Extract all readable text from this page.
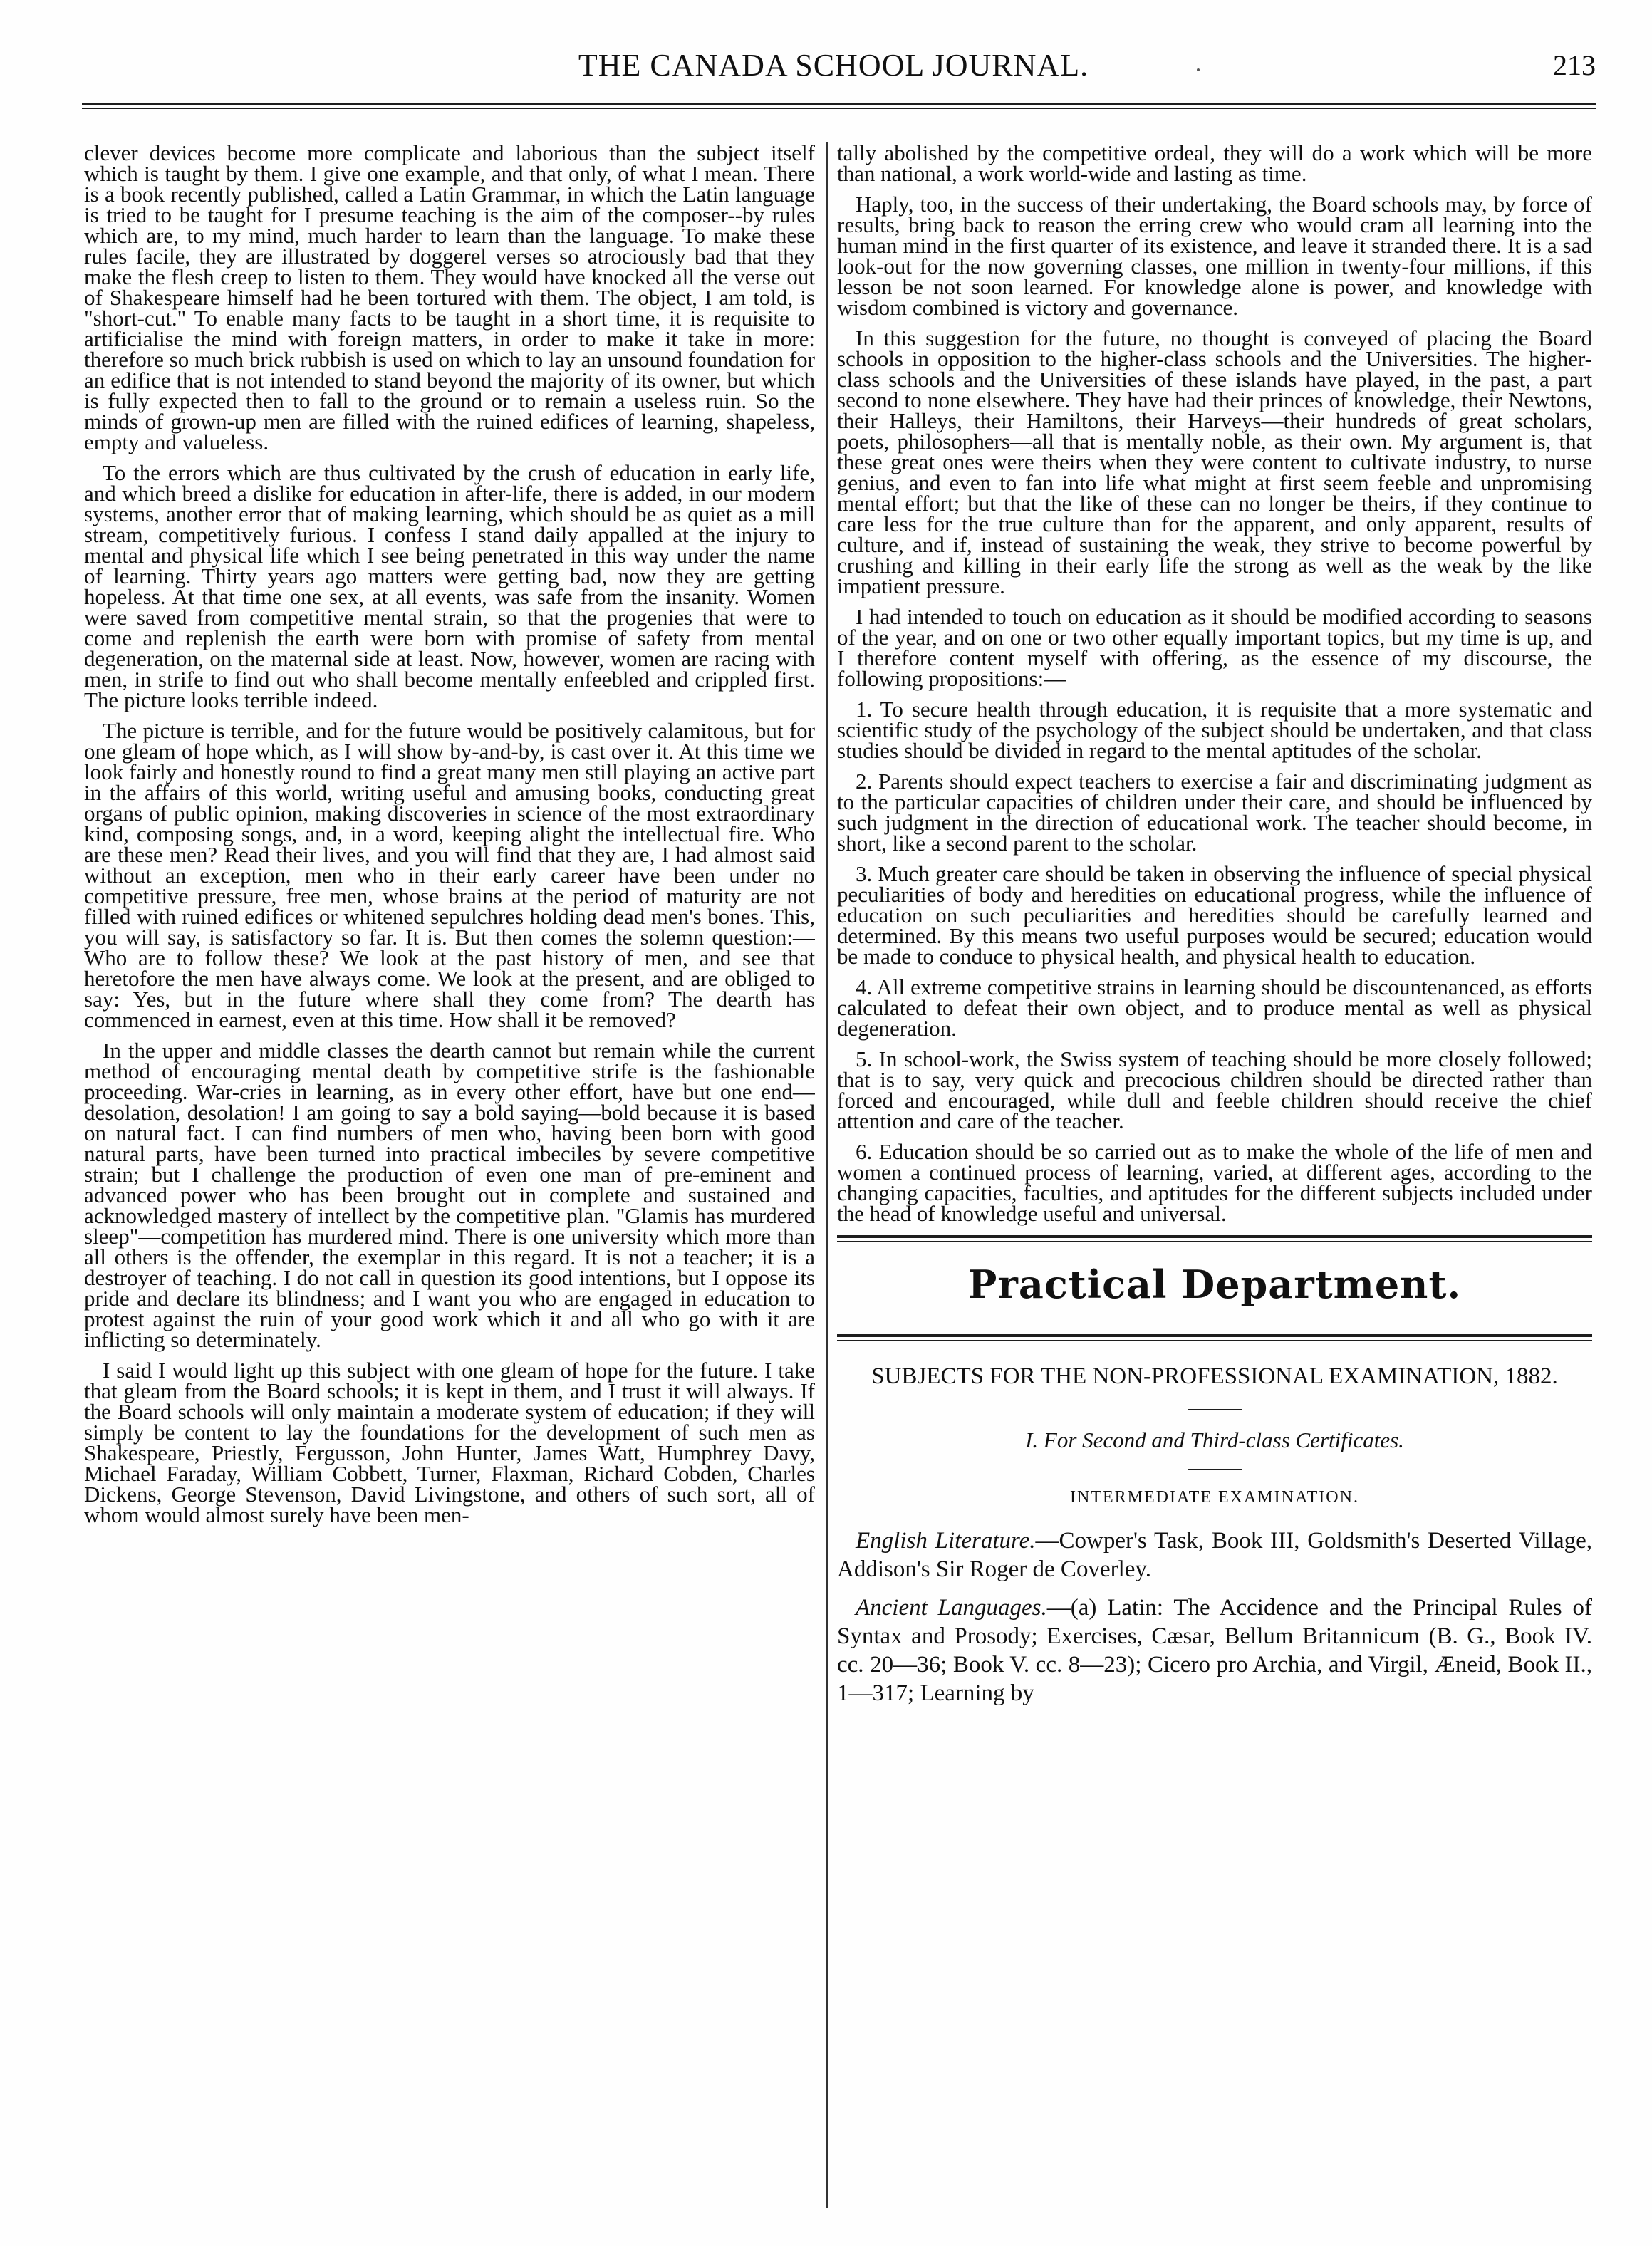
THE CANADA SCHOOL JOURNAL.	213

clever devices become more complicate and laborious than the subject itself which is taught by them. I give one example, and that only, of what I mean. There is a book recently published, called a Latin Grammar, in which the Latin language is tried to be taught for I presume teaching is the aim of the composer--by rules which are, to my mind, much harder to learn than the language. To make these rules facile, they are illustrated by doggerel verses so atrociously bad that they make the flesh creep to listen to them. They would have knocked all the verse out of Shakespeare himself had he been tortured with them. The object, I am told, is "short-cut." To enable many facts to be taught in a short time, it is requisite to artificialise the mind with foreign matters, in order to make it take in more: therefore so much brick rubbish is used on which to lay an unsound foundation for an edifice that is not intended to stand beyond the majority of its owner, but which is fully expected then to fall to the ground or to remain a useless ruin. So the minds of grown-up men are filled with the ruined edifices of learning, shapeless, empty and valueless.

To the errors which are thus cultivated by the crush of education in early life, and which breed a dislike for education in after-life, there is added, in our modern systems, another error that of making learning, which should be as quiet as a mill stream, competitively furious. I confess I stand daily appalled at the injury to mental and physical life which I see being penetrated in this way under the name of learning. Thirty years ago matters were getting bad, now they are getting hopeless. At that time one sex, at all events, was safe from the insanity. Women were saved from competitive mental strain, so that the progenies that were to come and replenish the earth were born with promise of safety from mental degeneration, on the maternal side at least. Now, however, women are racing with men, in strife to find out who shall become mentally enfeebled and crippled first. The picture looks terrible indeed.

The picture is terrible, and for the future would be positively calamitous, but for one gleam of hope which, as I will show by-and-by, is cast over it. At this time we look fairly and honestly round to find a great many men still playing an active part in the affairs of this world, writing useful and amusing books, conducting great organs of public opinion, making discoveries in science of the most extraordinary kind, composing songs, and, in a word, keeping alight the intellectual fire. Who are these men? Read their lives, and you will find that they are, I had almost said without an exception, men who in their early career have been under no competitive pressure, free men, whose brains at the period of maturity are not filled with ruined edifices or whitened sepulchres holding dead men's bones. This, you will say, is satisfactory so far. It is. But then comes the solemn question:—Who are to follow these? We look at the past history of men, and see that heretofore the men have always come. We look at the present, and are obliged to say: Yes, but in the future where shall they come from? The dearth has commenced in earnest, even at this time. How shall it be removed?

In the upper and middle classes the dearth cannot but remain while the current method of encouraging mental death by competitive strife is the fashionable proceeding. War-cries in learning, as in every other effort, have but one end—desolation, desolation! I am going to say a bold saying—bold because it is based on natural fact. I can find numbers of men who, having been born with good natural parts, have been turned into practical imbeciles by severe competitive strain; but I challenge the production of even one man of pre-eminent and advanced power who has been brought out in complete and sustained and acknowledged mastery of intellect by the competitive plan. "Glamis has murdered sleep"—competition has murdered mind. There is one university which more than all others is the offender, the exemplar in this regard. It is not a teacher; it is a destroyer of teaching. I do not call in question its good intentions, but I oppose its pride and declare its blindness; and I want you who are engaged in education to protest against the ruin of your good work which it and all who go with it are inflicting so determinately.

I said I would light up this subject with one gleam of hope for the future. I take that gleam from the Board schools; it is kept in them, and I trust it will always. If the Board schools will only maintain a moderate system of education; if they will simply be content to lay the foundations for the development of such men as Shakespeare, Priestly, Fergusson, John Hunter, James Watt, Humphrey Davy, Michael Faraday, William Cobbett, Turner, Flaxman, Richard Cobden, Charles Dickens, George Stevenson, David Livingstone, and others of such sort, all of whom would almost surely have been men-

tally abolished by the competitive ordeal, they will do a work which will be more than national, a work world-wide and lasting as time.

Haply, too, in the success of their undertaking, the Board schools may, by force of results, bring back to reason the erring crew who would cram all learning into the human mind in the first quarter of its existence, and leave it stranded there. It is a sad look-out for the now governing classes, one million in twenty-four millions, if this lesson be not soon learned. For knowledge alone is power, and knowledge with wisdom combined is victory and governance.

In this suggestion for the future, no thought is conveyed of placing the Board schools in opposition to the higher-class schools and the Universities. The higher-class schools and the Universities of these islands have played, in the past, a part second to none elsewhere. They have had their princes of knowledge, their Newtons, their Halleys, their Hamiltons, their Harveys—their hundreds of great scholars, poets, philosophers—all that is mentally noble, as their own. My argument is, that these great ones were theirs when they were content to cultivate industry, to nurse genius, and even to fan into life what might at first seem feeble and unpromising mental effort; but that the like of these can no longer be theirs, if they continue to care less for the true culture than for the apparent, and only apparent, results of culture, and if, instead of sustaining the weak, they strive to become powerful by crushing and killing in their early life the strong as well as the weak by the like impatient pressure.

I had intended to touch on education as it should be modified according to seasons of the year, and on one or two other equally important topics, but my time is up, and I therefore content myself with offering, as the essence of my discourse, the following propositions:—

1. To secure health through education, it is requisite that a more systematic and scientific study of the psychology of the subject should be undertaken, and that class studies should be divided in regard to the mental aptitudes of the scholar.

2. Parents should expect teachers to exercise a fair and discriminating judgment as to the particular capacities of children under their care, and should be influenced by such judgment in the direction of educational work. The teacher should become, in short, like a second parent to the scholar.

3. Much greater care should be taken in observing the influence of special physical peculiarities of body and heredities on educational progress, while the influence of education on such peculiarities and heredities should be carefully learned and determined. By this means two useful purposes would be secured; education would be made to conduce to physical health, and physical health to education.

4. All extreme competitive strains in learning should be discountenanced, as efforts calculated to defeat their own object, and to produce mental as well as physical degeneration.

5. In school-work, the Swiss system of teaching should be more closely followed; that is to say, very quick and precocious children should be directed rather than forced and encouraged, while dull and feeble children should receive the chief attention and care of the teacher.

6. Education should be so carried out as to make the whole of the life of men and women a continued process of learning, varied, at different ages, according to the changing capacities, faculties, and aptitudes for the different subjects included under the head of knowledge useful and universal.

Practical Department.
SUBJECTS FOR THE NON-PROFESSIONAL EXAMINATION, 1882.
I. For Second and Third-class Certificates.
INTERMEDIATE EXAMINATION.

English Literature.—Cowper's Task, Book III, Goldsmith's Deserted Village, Addison's Sir Roger de Coverley.

Ancient Languages.—(a) Latin: The Accidence and the Principal Rules of Syntax and Prosody; Exercises, Cæsar, Bellum Britannicum (B. G., Book IV. cc. 20—36; Book V. cc. 8—23); Cicero pro Archia, and Virgil, Æneid, Book II., 1—317; Learning by
